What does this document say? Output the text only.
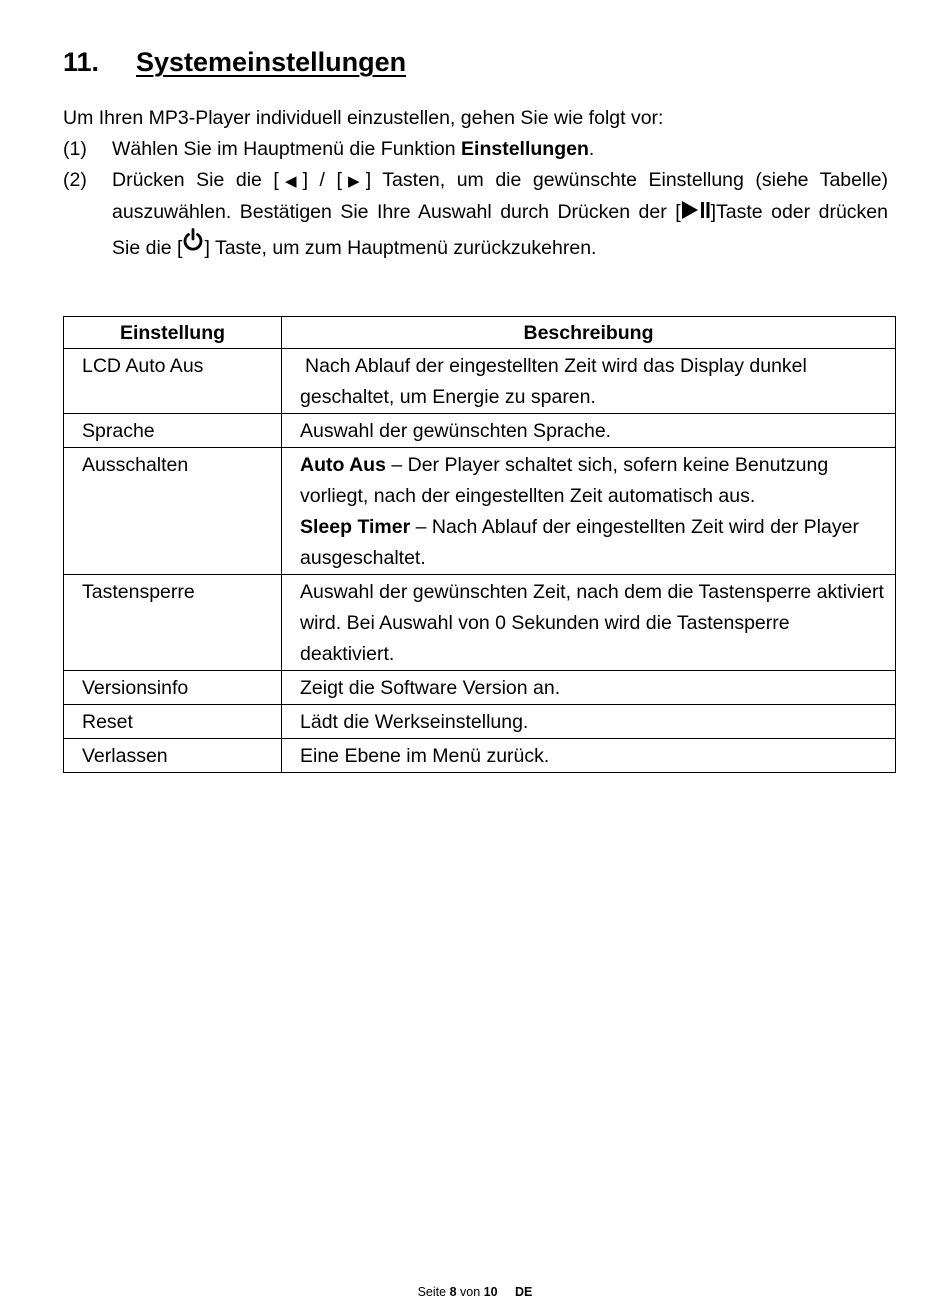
11. Systemeinstellungen

Um Ihren MP3-Player individuell einzustellen, gehen Sie wie folgt vor:

(1)	Wählen Sie im Hauptmenü die Funktion Einstellungen.
(2)	Drücken Sie die [◀] / [▶] Tasten, um die gewünschte Einstellung (siehe Tabelle) auszuwählen. Bestätigen Sie Ihre Auswahl durch Drücken der [ ]Taste oder drücken Sie die [ ] Taste, um zum Hauptmenü zurückzukehren.
Einstellung	Beschreibung
LCD Auto Aus	Nach Ablauf der eingestellten Zeit wird das Display dunkel geschaltet, um Energie zu sparen.
Sprache	Auswahl der gewünschten Sprache.
Ausschalten	Auto Aus – Der Player schaltet sich, sofern keine Benutzung vorliegt, nach der eingestellten Zeit automatisch aus.
Sleep Timer – Nach Ablauf der eingestellten Zeit wird der Player ausgeschaltet.

Tastensperre	Auswahl der gewünschten Zeit, nach dem die Tastensperre aktiviert wird. Bei Auswahl von 0 Sekunden wird die Tastensperre deaktiviert.
Versionsinfo	Zeigt die Software Version an.
Reset	Lädt die Werkseinstellung.
Verlassen	Eine Ebene im Menü zurück.
Seite 8 von 10 DE
